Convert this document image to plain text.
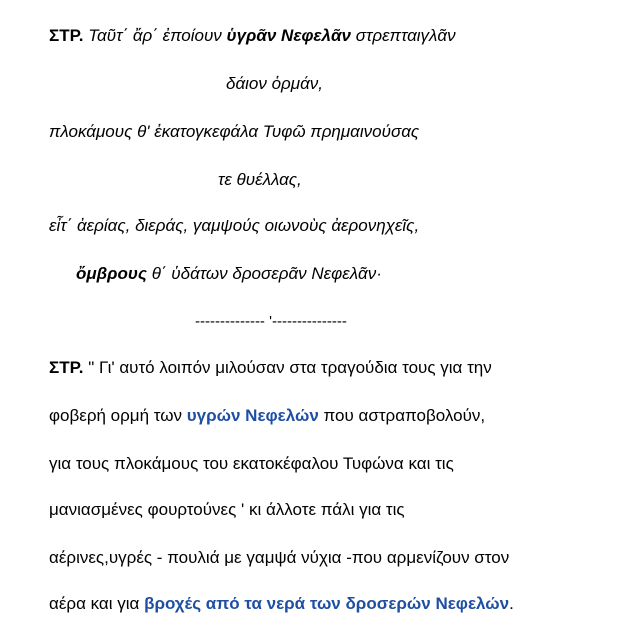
ΣΤΡ. Ταῦτ΄ ἄρ΄ ἐποίουν ὑγρᾶν Νεφελᾶν στρεπταιγλᾶν
δάιον ὁρμάν,
πλοκάμους θ' ἑκατογκεφάλα Τυφῶ πρημαινούσας
τε θυέλλας,
εἶτ΄ ἀερίας, διεράς, γαμψούς οιωνοὺς ἀερονηχεῖς,
ὄμβρους θ΄ ὑδάτων δροσερᾶν Νεφελᾶν·
-------------- '---------------
ΣΤΡ. " Γι' αυτό λοιπόν μιλούσαν στα τραγούδια τους για την
φοβερή ορμή των υγρών Νεφελών που αστραποβολούν,
για τους πλοκάμους του εκατοκέφαλου Τυφώνα και τις
μανιασμένες φουρτούνες ' κι άλλοτε πάλι για τις
αέρινες,υγρές - πουλιά με γαμψά νύχια -που αρμενίζουν στον
αέρα και για βροχές από τα νερά των δροσερών Νεφελών.
